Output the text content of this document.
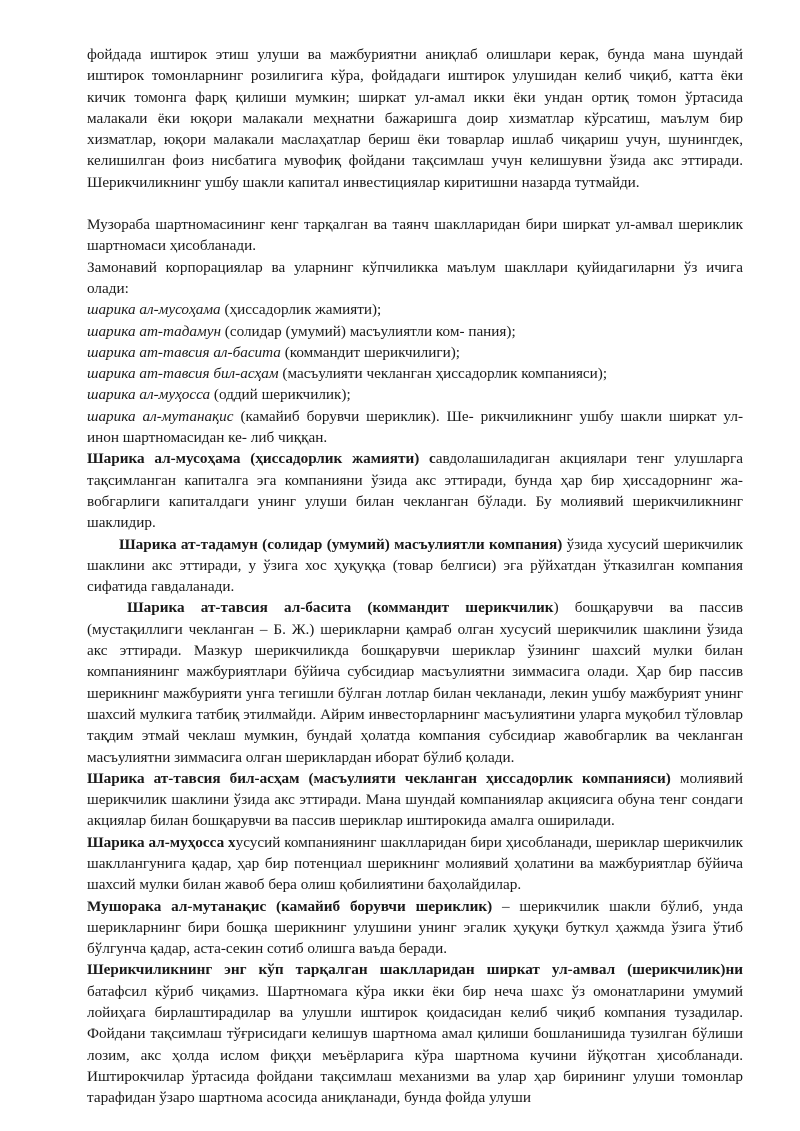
фойдада иштирок этиш улуши ва мажбуриятни аниқлаб олишлари керак, бунда мана шундай иштирок томонларнинг розилигига кўра, фойдадаги иштирок улушидан келиб чиқиб, катта ёки кичик томонга фарқ қилиши мумкин; ширкат ул-амал икки ёки ундан ортиқ томон ўртасида малакали ёки юқори малакали меҳнатни бажаришга доир хизматлар кўрсатиш, маълум бир хизматлар, юқори малакали маслаҳатлар бериш ёки товарлар ишлаб чиқариш учун, шунингдек, келишилган фоиз нисбатига мувофиқ фойдани тақсимлаш учун келишувни ўзида акс эттиради. Шерикчиликнинг ушбу шакли капитал инвестициялар киритишни назарда тутмайди.

Музораба шартномасининг кенг тарқалган ва таянч шаклларидан бири ширкат ул-амвал шериклик шартномаси ҳисобланади.

Замонавий корпорациялар ва уларнинг кўпчиликка маълум шакллари қуйидагиларни ўз ичига олади:

шарика ал-мусоҳама (ҳиссадорлик жамияти);

шарика ат-тадамун (солидар (умумий) масъулиятли ком- пания);

шарика ат-тавсия ал-басита (коммандит шерикчилиги);

шарика ат-тавсия бил-асҳам (масъулияти чекланган ҳиссадорлик компанияси);

шарика ал-муҳосса (оддий шерикчилик);

шарика ал-мутанақис (камайиб борувчи шериклик). Ше- рикчиликнинг ушбу шакли ширкат ул-инон шартномасидан ке- либ чиққан.

Шарика ал-мусоҳама (ҳиссадорлик жамияти) савдолашиладиган акциялари тенг улушларга тақсимланган капиталга эга компанияни ўзида акс эттиради, бунда ҳар бир ҳиссадорнинг жа- вобгарлиги капиталдаги унинг улуши билан чекланган бўлади. Бу молиявий шерикчиликнинг шаклидир.

Шарика ат-тадамун (солидар (умумий) масъулиятли компания) ўзида хусусий шерикчилик шаклини акс эттиради, у ўзига хос ҳуқуққа (товар белгиси) эга рўйхатдан ўтказилган компания сифатида гавдаланади.

Шарика ат-тавсия ал-басита (коммандит шерикчилик) бошқарувчи ва пассив (мустақиллиги чекланган – Б. Ж.) шерикларни қамраб олган хусусий шерикчилик шаклини ўзида акс эттиради. Мазкур шерикчиликда бошқарувчи шериклар ўзининг шахсий мулки билан компаниянинг мажбуриятлари бўйича субсидиар масъулиятни зиммасига олади. Ҳар бир пассив шерикнинг мажбурияти унга тегишли бўлган лотлар билан чекланади, лекин ушбу мажбурият унинг шахсий мулкига татбиқ этилмайди. Айрим инвесторларнинг масъулиятини уларга муқобил тўловлар тақдим этмай чеклаш мумкин, бундай ҳолатда компания субсидиар жавобгарлик ва чекланган масъулиятни зиммасига олган шериклардан иборат бўлиб қолади.

Шарика ат-тавсия бил-асҳам (масъулияти чекланган ҳиссадорлик компанияси) молиявий шерикчилик шаклини ўзида акс эттиради. Мана шундай компаниялар акциясига обуна тенг сондаги акциялар билан бошқарувчи ва пассив шериклар иштирокида амалга оширилади.

Шарика ал-муҳосса хусусий компаниянинг шаклларидан бири ҳисобланади, шериклар шерикчилик шакллангунига қадар, ҳар бир потенциал шерикнинг молиявий ҳолатини ва мажбуриятлар бўйича шахсий мулки билан жавоб бера олиш қобилиятини баҳолайдилар.

Мушорака ал-мутанақис (камайиб борувчи шериклик) – шерикчилик шакли бўлиб, унда шерикларнинг бири бошқа шерикнинг улушини унинг эгалик ҳуқуқи буткул ҳажмда ўзига ўтиб бўлгунча қадар, аста-секин сотиб олишга ваъда беради.

Шерикчиликнинг энг кўп тарқалган шаклларидан ширкат ул-амвал (шерикчилик)ни батафсил кўриб чиқамиз. Шартномага кўра икки ёки бир неча шахс ўз омонатларини умумий лойиҳага бирлаштирадилар ва улушли иштирок қоидасидан келиб чиқиб компания тузадилар. Фойдани тақсимлаш тўғрисидаги келишув шартнома амал қилиши бошланишида тузилган бўлиши лозим, акс ҳолда ислом фиқҳи меъёрларига кўра шартнома кучини йўқотган ҳисобланади. Иштирокчилар ўртасида фойдани тақсимлаш механизми ва улар ҳар бирининг улуши томонлар тарафидан ўзаро шартнома асосида аниқланади, бунда фойда улуши
